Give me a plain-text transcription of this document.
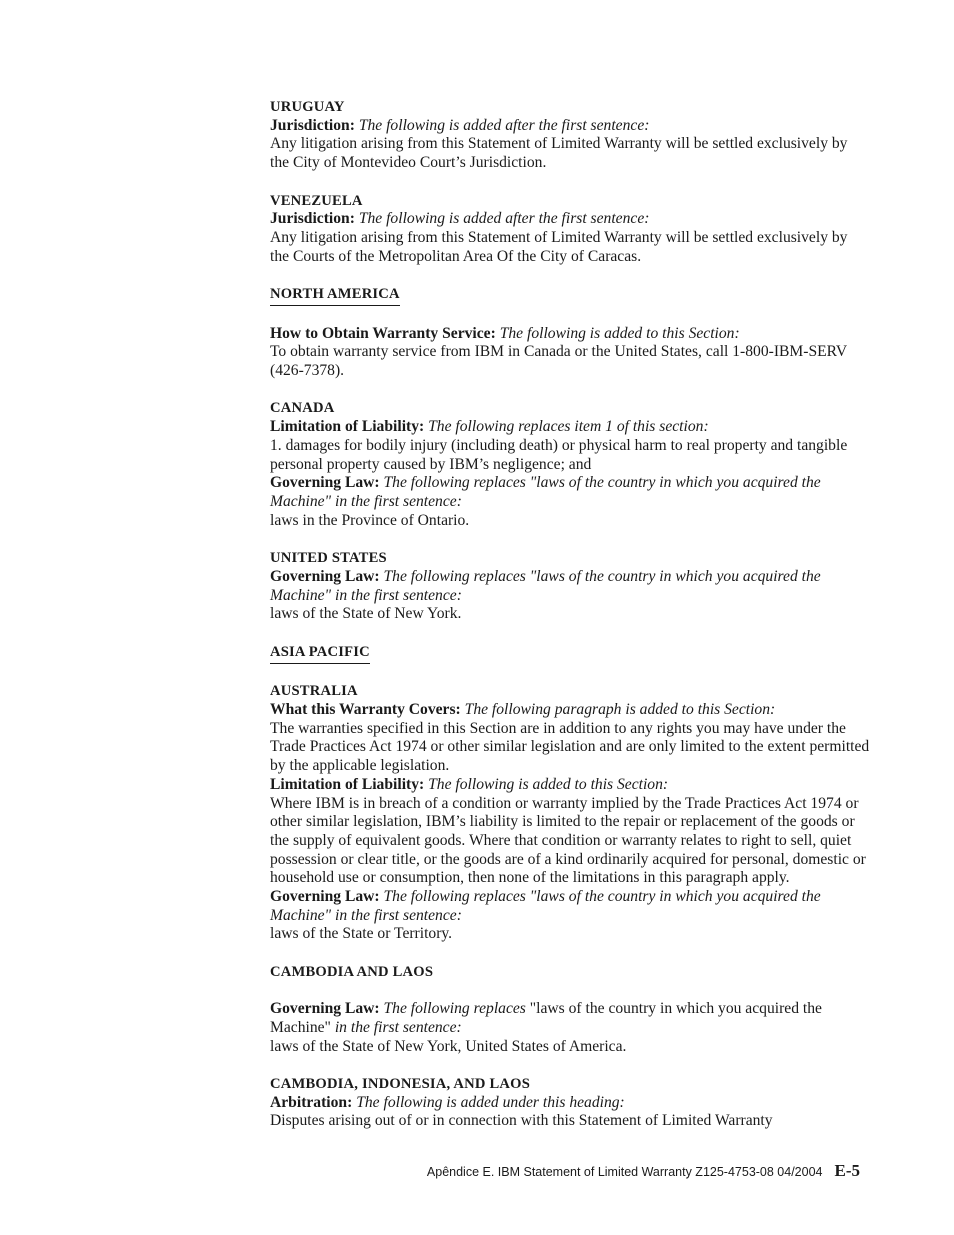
URUGUAY
Jurisdiction: The following is added after the first sentence:
Any litigation arising from this Statement of Limited Warranty will be settled exclusively by the City of Montevideo Court’s Jurisdiction.
VENEZUELA
Jurisdiction: The following is added after the first sentence:
Any litigation arising from this Statement of Limited Warranty will be settled exclusively by the Courts of the Metropolitan Area Of the City of Caracas.
NORTH AMERICA
How to Obtain Warranty Service: The following is added to this Section:
To obtain warranty service from IBM in Canada or the United States, call 1-800-IBM-SERV (426-7378).
CANADA
Limitation of Liability: The following replaces item 1 of this section:
1. damages for bodily injury (including death) or physical harm to real property and tangible personal property caused by IBM’s negligence; and
Governing Law: The following replaces "laws of the country in which you acquired the Machine" in the first sentence:
laws in the Province of Ontario.
UNITED STATES
Governing Law: The following replaces "laws of the country in which you acquired the Machine" in the first sentence:
laws of the State of New York.
ASIA PACIFIC
AUSTRALIA
What this Warranty Covers: The following paragraph is added to this Section:
The warranties specified in this Section are in addition to any rights you may have under the Trade Practices Act 1974 or other similar legislation and are only limited to the extent permitted by the applicable legislation.
Limitation of Liability: The following is added to this Section:
Where IBM is in breach of a condition or warranty implied by the Trade Practices Act 1974 or other similar legislation, IBM’s liability is limited to the repair or replacement of the goods or the supply of equivalent goods. Where that condition or warranty relates to right to sell, quiet possession or clear title, or the goods are of a kind ordinarily acquired for personal, domestic or household use or consumption, then none of the limitations in this paragraph apply.
Governing Law: The following replaces "laws of the country in which you acquired the Machine" in the first sentence:
laws of the State or Territory.
CAMBODIA AND LAOS
Governing Law: The following replaces "laws of the country in which you acquired the Machine" in the first sentence:
laws of the State of New York, United States of America.
CAMBODIA, INDONESIA, AND LAOS
Arbitration: The following is added under this heading:
Disputes arising out of or in connection with this Statement of Limited Warranty
Apêndice E. IBM Statement of Limited Warranty Z125-4753-08 04/2004 E-5
